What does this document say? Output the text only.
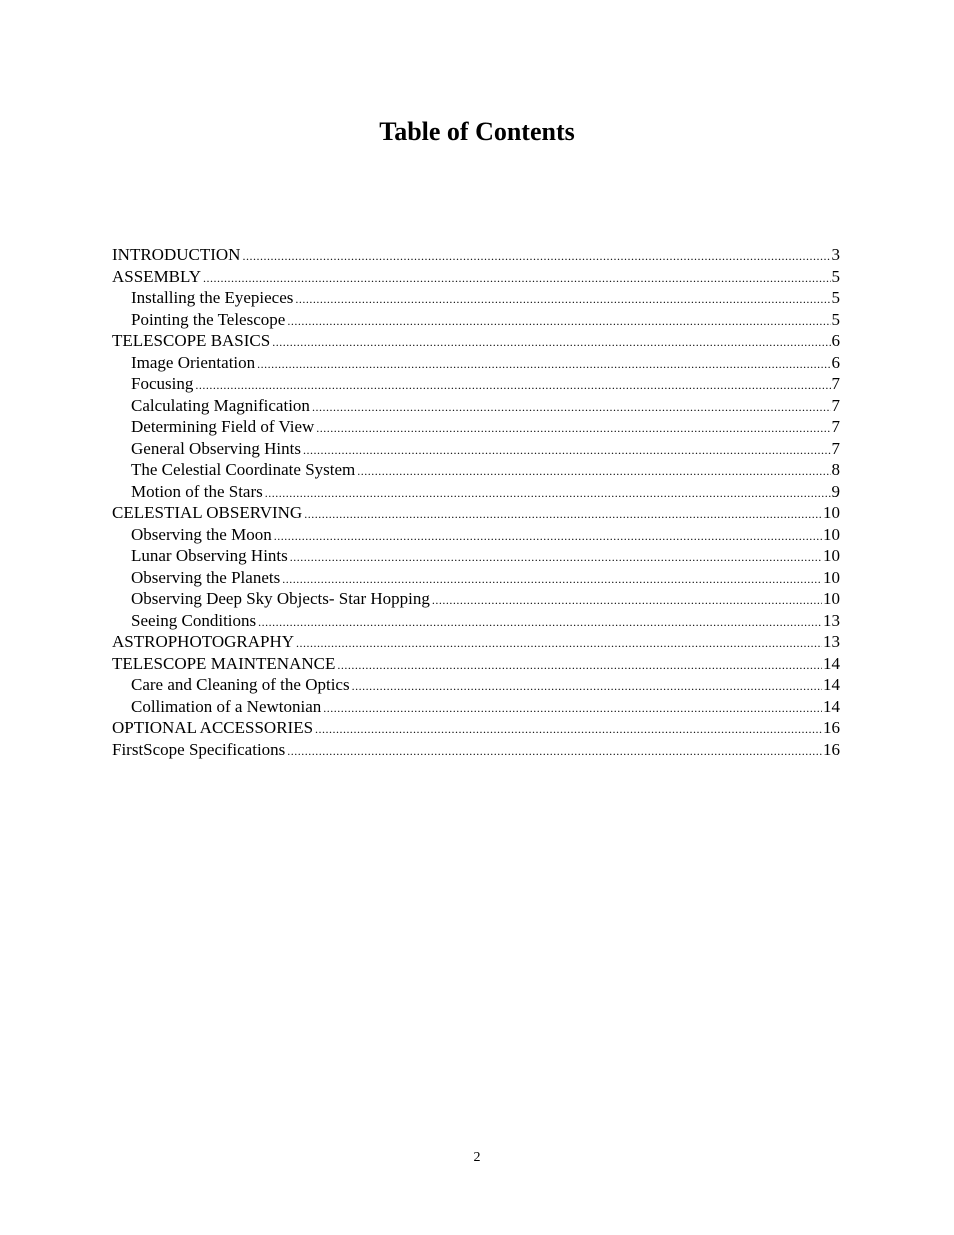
Table of Contents
INTRODUCTION .....	3
ASSEMBLY .....	5
Installing the Eyepieces .....	5
Pointing the Telescope .....	5
TELESCOPE BASICS .....	6
Image Orientation .....	6
Focusing .....	7
Calculating Magnification .....	7
Determining Field of View .....	7
General Observing Hints .....	7
The Celestial Coordinate System .....	8
Motion of the Stars .....	9
CELESTIAL OBSERVING .....	10
Observing the Moon .....	10
Lunar Observing Hints .....	10
Observing the Planets .....	10
Observing Deep Sky Objects- Star Hopping .....	10
Seeing Conditions .....	13
ASTROPHOTOGRAPHY .....	13
TELESCOPE MAINTENANCE .....	14
Care and Cleaning of the Optics .....	14
Collimation of a Newtonian .....	14
OPTIONAL ACCESSORIES .....	16
FirstScope Specifications .....	16
2
